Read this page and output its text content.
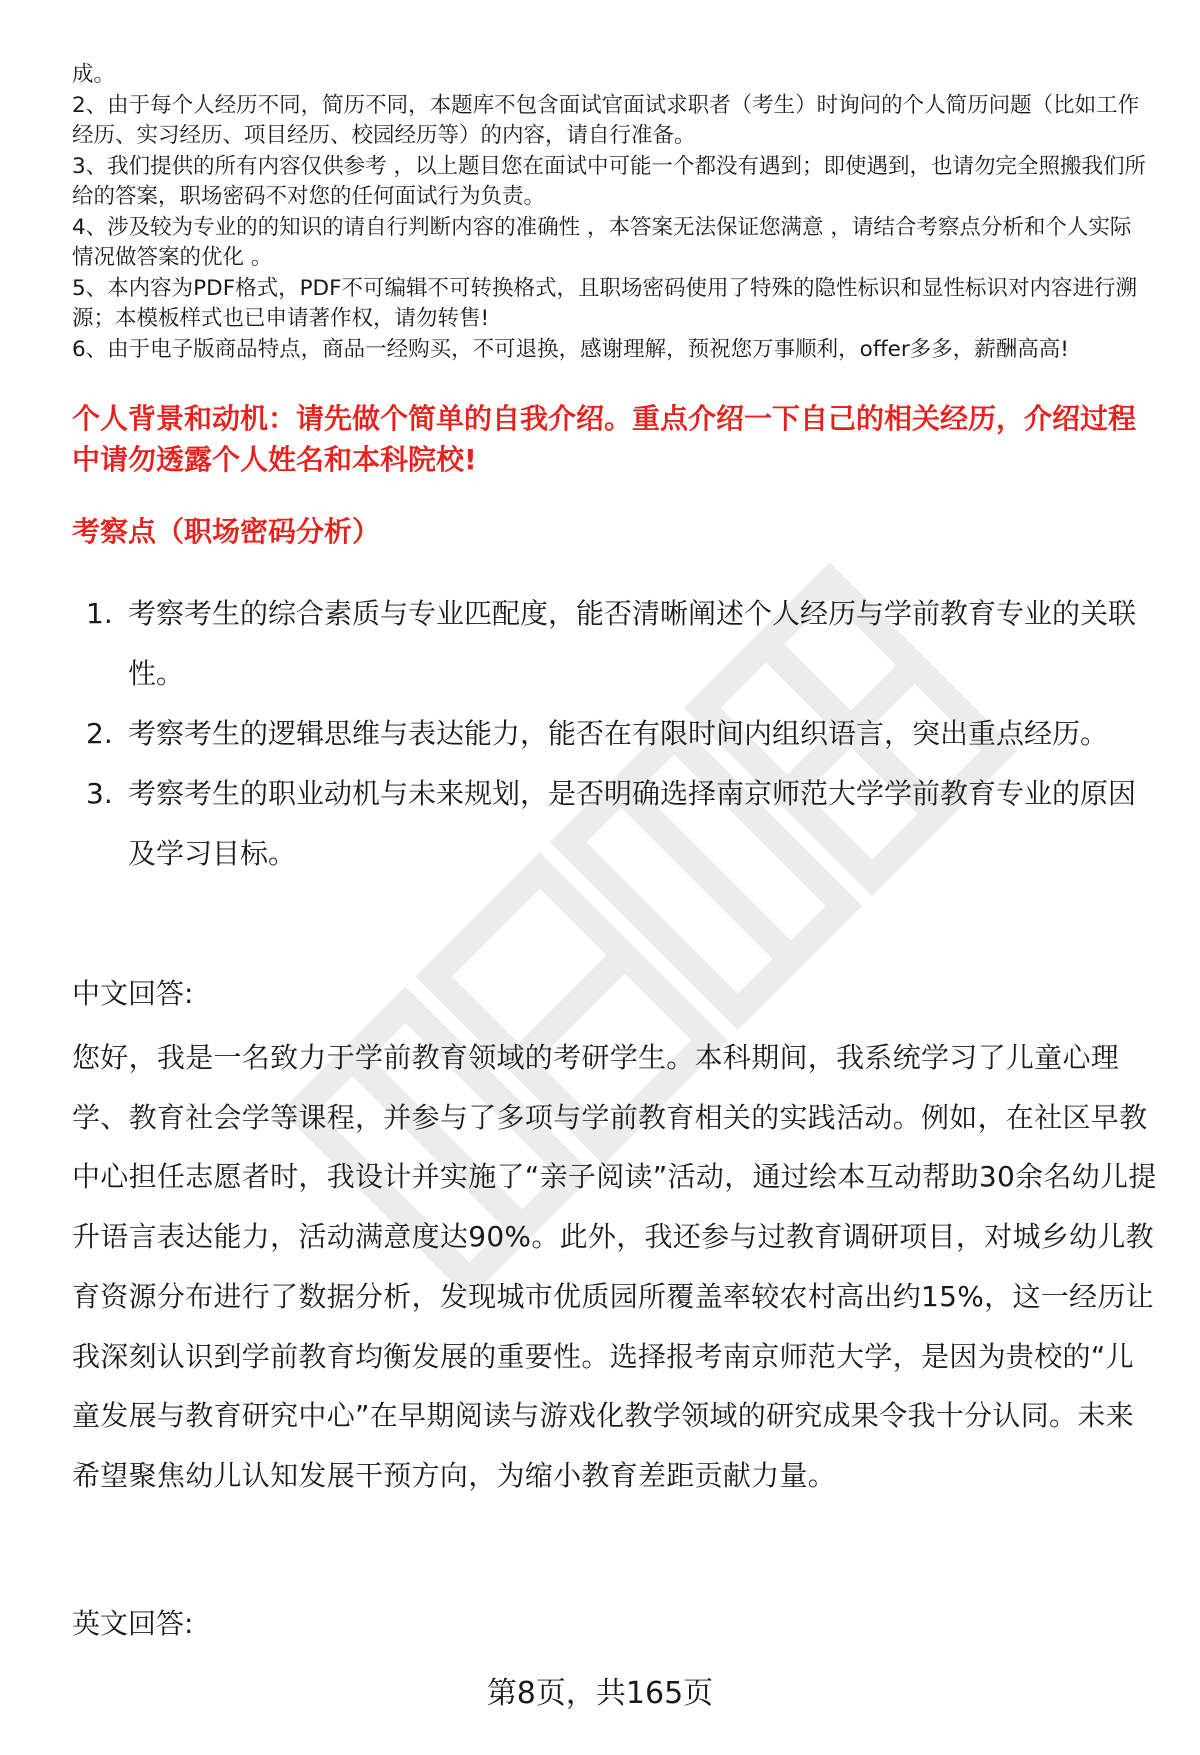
成。

2、由于每个人经历不同，简历不同，本题库不包含面试官面试求职者（考生）时询问的个人简历问题（比如工作经历、实习经历、项目经历、校园经历等）的内容，请自行准备。

3、我们提供的所有内容仅供参考 ，以上题目您在面试中可能一个都没有遇到；即使遇到，也请勿完全照搬我们所给的答案，职场密码不对您的任何面试行为负责。

4、涉及较为专业的的知识的请自行判断内容的准确性 ，本答案无法保证您满意 ，请结合考察点分析和个人实际情况做答案的优化 。

5、本内容为PDF格式，PDF不可编辑不可转换格式，且职场密码使用了特殊的隐性标识和显性标识对内容进行溯源；本模板样式也已申请著作权，请勿转售!

6、由于电子版商品特点，商品一经购买，不可退换，感谢理解，预祝您万事顺利，offer多多，薪酬高高!

个人背景和动机：请先做个简单的自我介绍。重点介绍一下自己的相关经历，介绍过程中请勿透露个人姓名和本科院校!

考察点（职场密码分析）

1. 考察考生的综合素质与专业匹配度，能否清晰阐述个人经历与学前教育专业的关联性。
2. 考察考生的逻辑思维与表达能力，能否在有限时间内组织语言，突出重点经历。
3. 考察考生的职业动机与未来规划，是否明确选择南京师范大学学前教育专业的原因及学习目标。

中文回答:

您好，我是一名致力于学前教育领域的考研学生。本科期间，我系统学习了儿童心理学、教育社会学等课程，并参与了多项与学前教育相关的实践活动。例如，在社区早教中心担任志愿者时，我设计并实施了“亲子阅读”活动，通过绘本互动帮助30余名幼儿提升语言表达能力，活动满意度达90%。此外，我还参与过教育调研项目，对城乡幼儿教育资源分布进行了数据分析，发现城市优质园所覆盖率较农村高出约15%，这一经历让我深刻认识到学前教育均衡发展的重要性。选择报考南京师范大学，是因为贵校的“儿童发展与教育研究中心”在早期阅读与游戏化教学领域的研究成果令我十分认同。未来希望聚焦幼儿认知发展干预方向，为缩小教育差距贡献力量。

英文回答:

第8页，共165页
